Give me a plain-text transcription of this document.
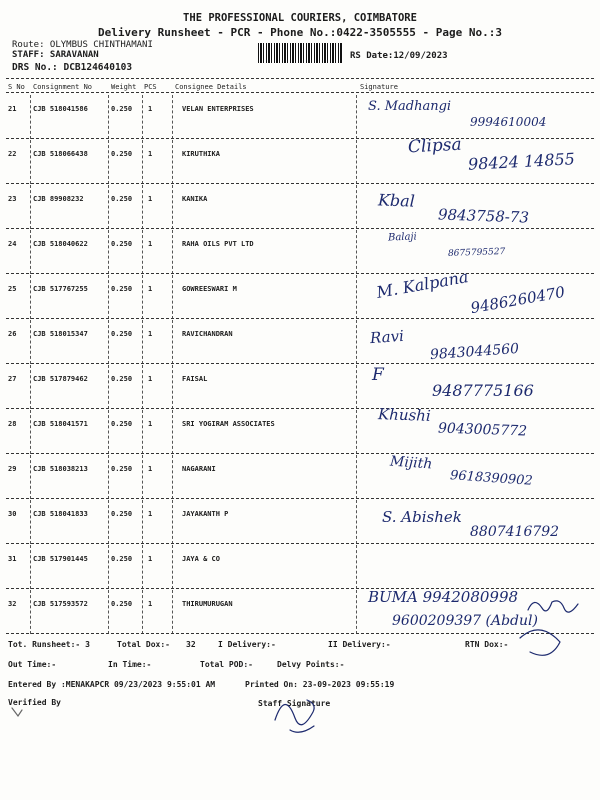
THE PROFESSIONAL COURIERS, COIMBATORE
Delivery Runsheet - PCR - Phone No.:0422-3505555 - Page No.:3
Route: OLYMBUS CHINTHAMANI
STAFF: SARAVANAN
DRS No.: DCB124640103
RS Date:12/09/2023
S No Consignment No	Weight PCS	Consignee Details	Signature
21 CJB 518041586	0.250 1	VELAN ENTERPRISES	S. Madhangi
9994610004
22 CJB 518066438	0.250 1	KIRUTHIKA	Clipsa
98424 14855
23 CJB 89908232	0.250 1	KANIKA	Kbal
9843758-73
24 CJB 518040622	0.250 1	RAHA OILS PVT LTD
Balaji
8675795527
25 CJB 517767255	0.250 1	GOWREESWARI M	M. Kalpana 9486260470
26 CJB 518015347	0.250 1	RAVICHANDRAN	Ravi
9843044560
27 CJB 517879462	0.250 1	FAISAL	F
9487775166
28 CJB 518041571	0.250 1	SRI YOGIRAM ASSOCIATES	Khushi
9043005772
29 CJB 518038213	0.250 1	NAGARANI	Mijith
9618390902
30 CJB 518041833	0.250 1	JAYAKANTH P	S. Abishek
8807416792
31 CJB 517901445	0.250 1	JAYA & CO
32 CJB 517593572	0.250 1	THIRUMURUGAN	BUMA 9942080998
9600209397 (Abdul)
Tot. Runsheet:- 3	Total Dox:- 32	I Delivery:-	II Delivery:-	RTN Dox:-
Out Time:-	In Time:-	Total POD:-	Delvy Points:-
Entered By :MENAKAPCR 09/23/2023 9:55:01 AM	Printed On: 23-09-2023 09:55:19
Verified By	Staff Signature
